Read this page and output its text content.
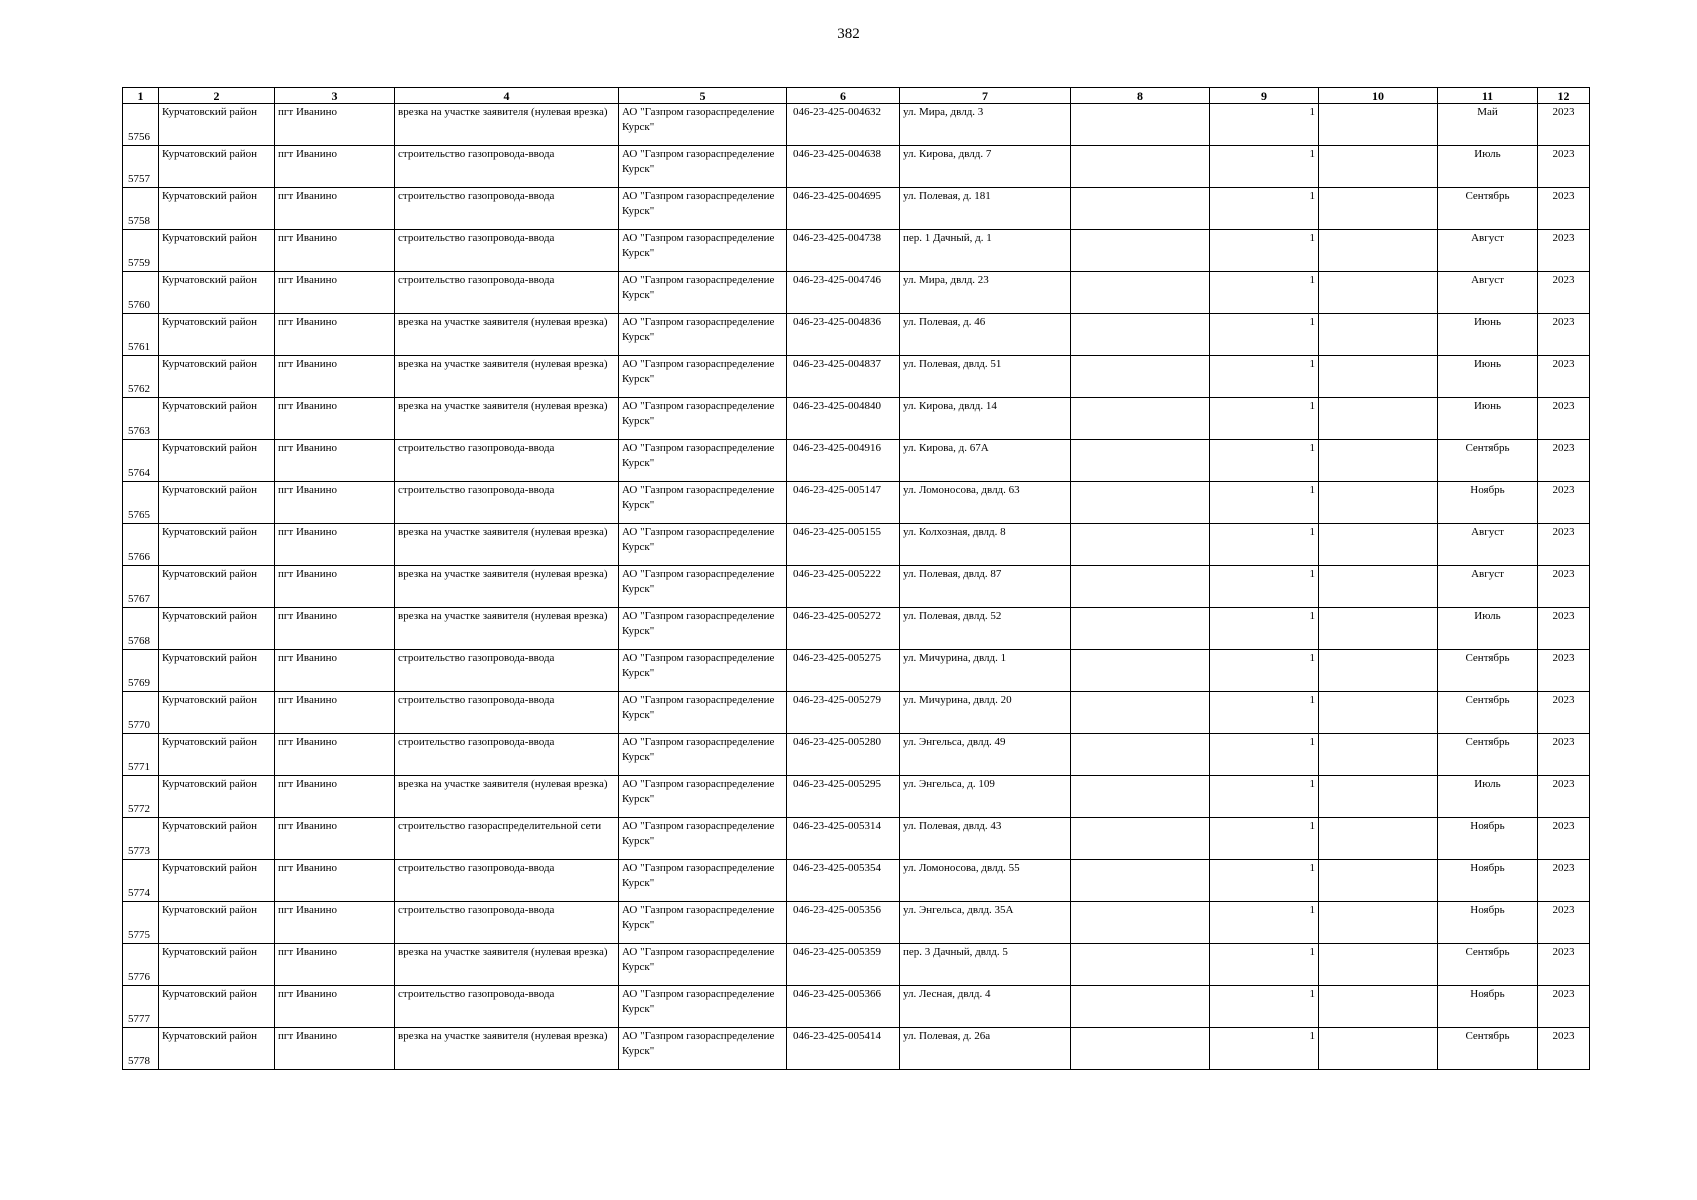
382
1	2	3	4	5	6	7	8	9	10	11	12
5756	Курчатовский район	пгт Иванино	врезка на участке заявителя (нулевая врезка)	АО "Газпром газораспределение Курск"	046-23-425-004632	ул. Мира, двлд. 3		1		Май	2023
5757	Курчатовский район	пгт Иванино	строительство газопровода-ввода	АО "Газпром газораспределение Курск"	046-23-425-004638	ул. Кирова, двлд. 7		1		Июль	2023
5758	Курчатовский район	пгт Иванино	строительство газопровода-ввода	АО "Газпром газораспределение Курск"	046-23-425-004695	ул. Полевая, д. 181		1		Сентябрь	2023
5759	Курчатовский район	пгт Иванино	строительство газопровода-ввода	АО "Газпром газораспределение Курск"	046-23-425-004738	пер. 1 Дачный, д. 1		1		Август	2023
5760	Курчатовский район	пгт Иванино	строительство газопровода-ввода	АО "Газпром газораспределение Курск"	046-23-425-004746	ул. Мира, двлд. 23		1		Август	2023
5761	Курчатовский район	пгт Иванино	врезка на участке заявителя (нулевая врезка)	АО "Газпром газораспределение Курск"	046-23-425-004836	ул. Полевая, д. 46		1		Июнь	2023
5762	Курчатовский район	пгт Иванино	врезка на участке заявителя (нулевая врезка)	АО "Газпром газораспределение Курск"	046-23-425-004837	ул. Полевая, двлд. 51		1		Июнь	2023
5763	Курчатовский район	пгт Иванино	врезка на участке заявителя (нулевая врезка)	АО "Газпром газораспределение Курск"	046-23-425-004840	ул. Кирова, двлд. 14		1		Июнь	2023
5764	Курчатовский район	пгт Иванино	строительство газопровода-ввода	АО "Газпром газораспределение Курск"	046-23-425-004916	ул. Кирова, д. 67А		1		Сентябрь	2023
5765	Курчатовский район	пгт Иванино	строительство газопровода-ввода	АО "Газпром газораспределение Курск"	046-23-425-005147	ул. Ломоносова, двлд. 63		1		Ноябрь	2023
5766	Курчатовский район	пгт Иванино	врезка на участке заявителя (нулевая врезка)	АО "Газпром газораспределение Курск"	046-23-425-005155	ул. Колхозная, двлд. 8		1		Август	2023
5767	Курчатовский район	пгт Иванино	врезка на участке заявителя (нулевая врезка)	АО "Газпром газораспределение Курск"	046-23-425-005222	ул. Полевая, двлд. 87		1		Август	2023
5768	Курчатовский район	пгт Иванино	врезка на участке заявителя (нулевая врезка)	АО "Газпром газораспределение Курск"	046-23-425-005272	ул. Полевая, двлд. 52		1		Июль	2023
5769	Курчатовский район	пгт Иванино	строительство газопровода-ввода	АО "Газпром газораспределение Курск"	046-23-425-005275	ул. Мичурина, двлд. 1		1		Сентябрь	2023
5770	Курчатовский район	пгт Иванино	строительство газопровода-ввода	АО "Газпром газораспределение Курск"	046-23-425-005279	ул. Мичурина, двлд. 20		1		Сентябрь	2023
5771	Курчатовский район	пгт Иванино	строительство газопровода-ввода	АО "Газпром газораспределение Курск"	046-23-425-005280	ул. Энгельса, двлд. 49		1		Сентябрь	2023
5772	Курчатовский район	пгт Иванино	врезка на участке заявителя (нулевая врезка)	АО "Газпром газораспределение Курск"	046-23-425-005295	ул. Энгельса, д. 109		1		Июль	2023
5773	Курчатовский район	пгт Иванино	строительство газораспределительной сети	АО "Газпром газораспределение Курск"	046-23-425-005314	ул. Полевая, двлд. 43		1		Ноябрь	2023
5774	Курчатовский район	пгт Иванино	строительство газопровода-ввода	АО "Газпром газораспределение Курск"	046-23-425-005354	ул. Ломоносова, двлд. 55		1		Ноябрь	2023
5775	Курчатовский район	пгт Иванино	строительство газопровода-ввода	АО "Газпром газораспределение Курск"	046-23-425-005356	ул. Энгельса, двлд. 35А		1		Ноябрь	2023
5776	Курчатовский район	пгт Иванино	врезка на участке заявителя (нулевая врезка)	АО "Газпром газораспределение Курск"	046-23-425-005359	пер. 3 Дачный, двлд. 5		1		Сентябрь	2023
5777	Курчатовский район	пгт Иванино	строительство газопровода-ввода	АО "Газпром газораспределение Курск"	046-23-425-005366	ул. Лесная, двлд. 4		1		Ноябрь	2023
5778	Курчатовский район	пгт Иванино	врезка на участке заявителя (нулевая врезка)	АО "Газпром газораспределение Курск"	046-23-425-005414	ул. Полевая, д. 26а		1		Сентябрь	2023
